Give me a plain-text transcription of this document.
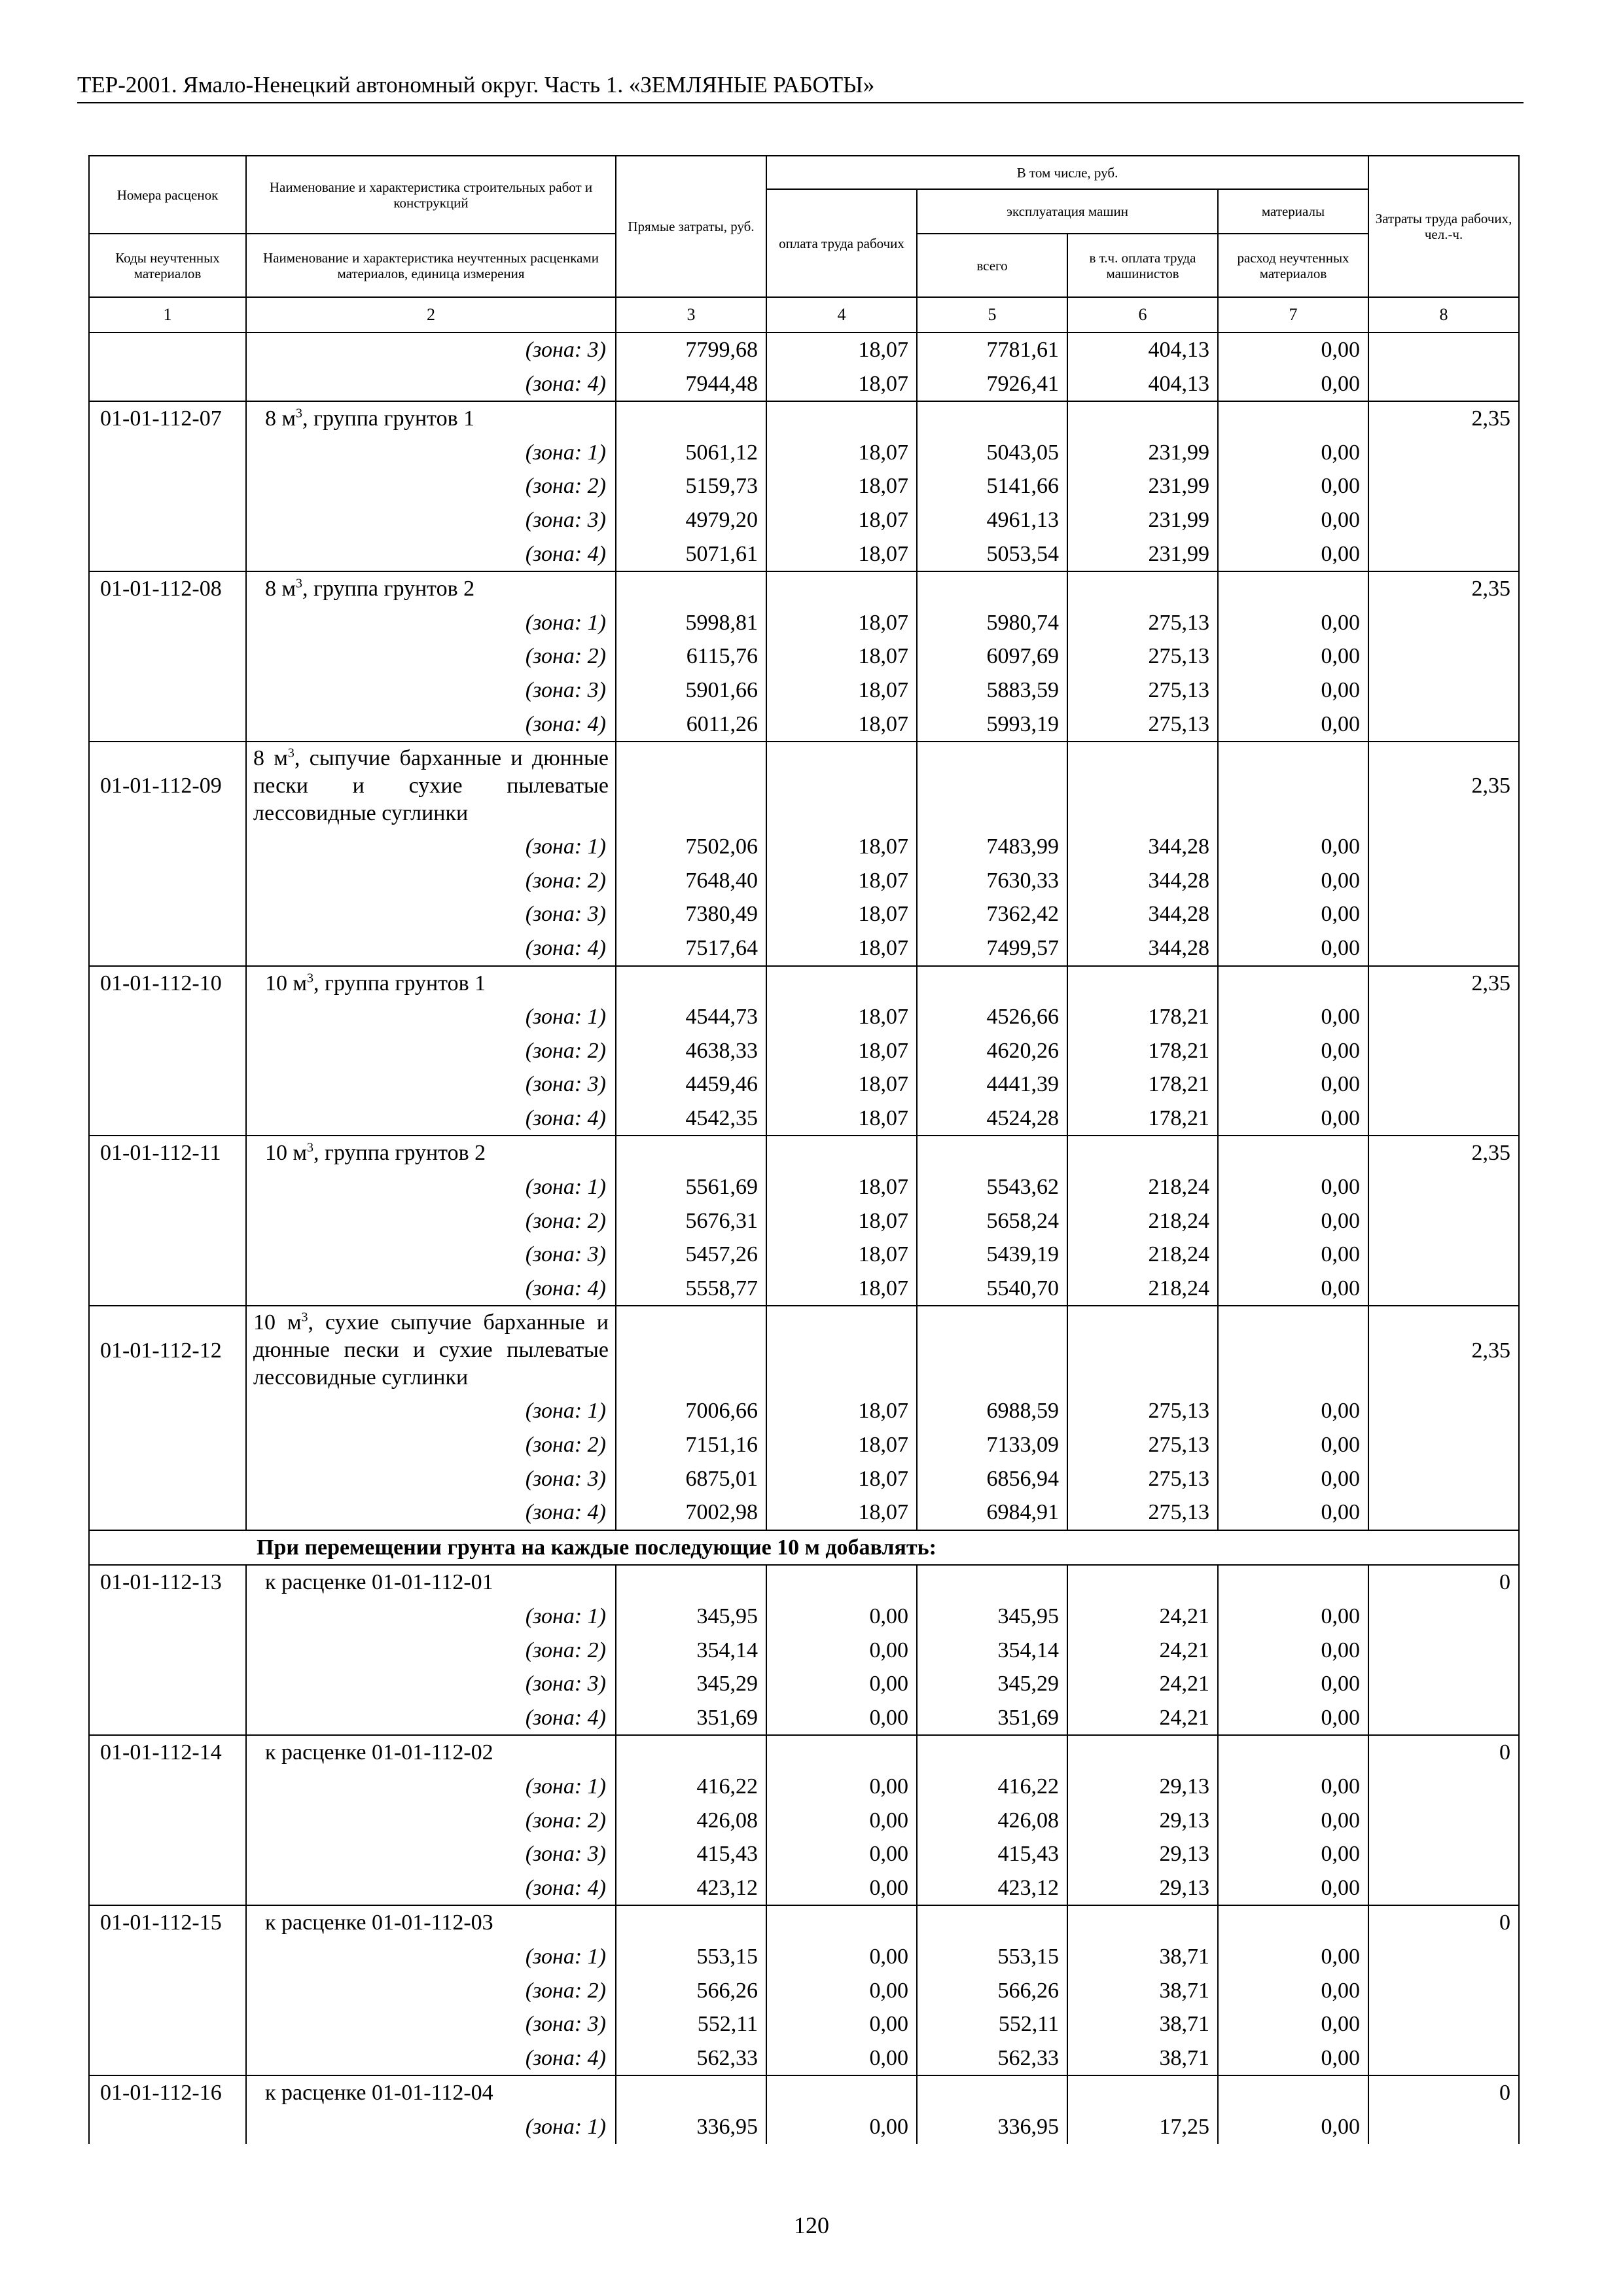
ТЕР-2001. Ямало-Ненецкий автономный округ. Часть 1. «ЗЕМЛЯНЫЕ РАБОТЫ»
Номера расценок	Наименование и характеристика строительных работ и конструкций	Прямые затраты, руб.	В том числе, руб.				Затраты труда рабочих, чел.-ч.
			оплата труда рабочих	эксплуатация машин		материалы	
Коды неучтенных материалов	Наименование и характеристика неучтенных расценками материалов, единица измерения			всего	в т.ч. оплата труда машинистов	расход неучтенных материалов	
1	2	3	4	5	6	7	8
	(зона: 3)	7799,68	18,07	7781,61	404,13	0,00	
	(зона: 4)	7944,48	18,07	7926,41	404,13	0,00	
01-01-112-07	8 $м^3$, группа грунтов 1						2,35
	(зона: 1)	5061,12	18,07	5043,05	231,99	0,00	
	(зона: 2)	5159,73	18,07	5141,66	231,99	0,00	
	(зона: 3)	4979,20	18,07	4961,13	231,99	0,00	
	(зона: 4)	5071,61	18,07	5053,54	231,99	0,00	
01-01-112-08	8 $м^3$, группа грунтов 2						2,35
	(зона: 1)	5998,81	18,07	5980,74	275,13	0,00	
	(зона: 2)	6115,76	18,07	6097,69	275,13	0,00	
	(зона: 3)	5901,66	18,07	5883,59	275,13	0,00	
	(зона: 4)	6011,26	18,07	5993,19	275,13	0,00	
01-01-112-09	8 $м^3$, сыпучие барханные и дюнные пески и сухие пылеватые лессовидные суглинки						2,35
	(зона: 1)	7502,06	18,07	7483,99	344,28	0,00	
	(зона: 2)	7648,40	18,07	7630,33	344,28	0,00	
	(зона: 3)	7380,49	18,07	7362,42	344,28	0,00	
	(зона: 4)	7517,64	18,07	7499,57	344,28	0,00	
01-01-112-10	10 $м^3$, группа грунтов 1						2,35
	(зона: 1)	4544,73	18,07	4526,66	178,21	0,00	
	(зона: 2)	4638,33	18,07	4620,26	178,21	0,00	
	(зона: 3)	4459,46	18,07	4441,39	178,21	0,00	
	(зона: 4)	4542,35	18,07	4524,28	178,21	0,00	
01-01-112-11	10 $м^3$, группа грунтов 2						2,35
	(зона: 1)	5561,69	18,07	5543,62	218,24	0,00	
	(зона: 2)	5676,31	18,07	5658,24	218,24	0,00	
	(зона: 3)	5457,26	18,07	5439,19	218,24	0,00	
	(зона: 4)	5558,77	18,07	5540,70	218,24	0,00	
01-01-112-12	10 $м^3$, сухие сыпучие барханные и дюнные пески и сухие пылеватые лессовидные суглинки						2,35
	(зона: 1)	7006,66	18,07	6988,59	275,13	0,00	
	(зона: 2)	7151,16	18,07	7133,09	275,13	0,00	
	(зона: 3)	6875,01	18,07	6856,94	275,13	0,00	
	(зона: 4)	7002,98	18,07	6984,91	275,13	0,00	
При перемещении грунта на каждые последующие 10 м добавлять:							
01-01-112-13	к расценке 01-01-112-01						0
	(зона: 1)	345,95	0,00	345,95	24,21	0,00	
	(зона: 2)	354,14	0,00	354,14	24,21	0,00	
	(зона: 3)	345,29	0,00	345,29	24,21	0,00	
	(зона: 4)	351,69	0,00	351,69	24,21	0,00	
01-01-112-14	к расценке 01-01-112-02						0
	(зона: 1)	416,22	0,00	416,22	29,13	0,00	
	(зона: 2)	426,08	0,00	426,08	29,13	0,00	
	(зона: 3)	415,43	0,00	415,43	29,13	0,00	
	(зона: 4)	423,12	0,00	423,12	29,13	0,00	
01-01-112-15	к расценке 01-01-112-03						0
	(зона: 1)	553,15	0,00	553,15	38,71	0,00	
	(зона: 2)	566,26	0,00	566,26	38,71	0,00	
	(зона: 3)	552,11	0,00	552,11	38,71	0,00	
	(зона: 4)	562,33	0,00	562,33	38,71	0,00	
01-01-112-16	к расценке 01-01-112-04						0
	(зона: 1)	336,95	0,00	336,95	17,25	0,00	
120
